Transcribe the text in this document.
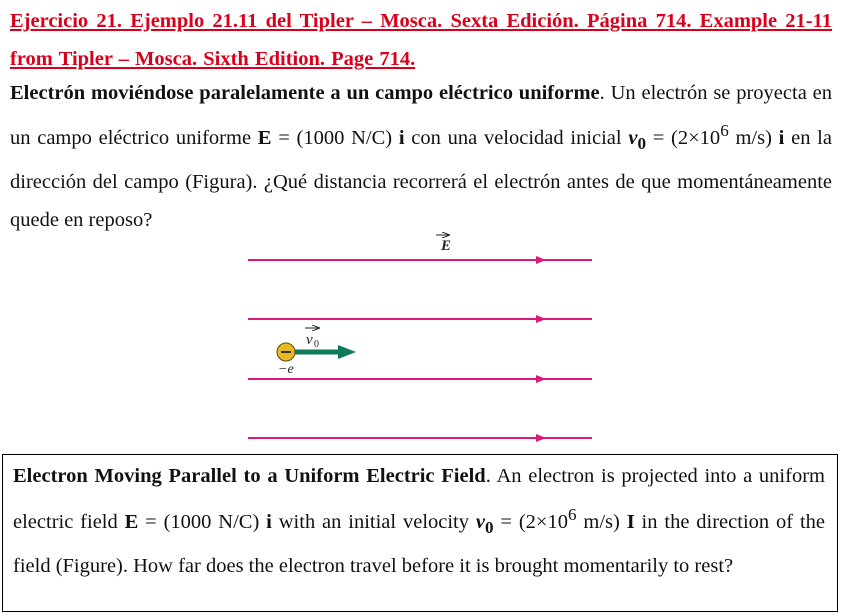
Ejercicio 21. Ejemplo 21.11 del Tipler – Mosca. Sexta Edición. Página 714. Example 21-11 from Tipler – Mosca. Sixth Edition. Page 714.
Electrón moviéndose paralelamente a un campo eléctrico uniforme. Un electrón se proyecta en un campo eléctrico uniforme E = (1000 N/C) i con una velocidad inicial $v_0 = (2\times 10^6$ m/s) i en la dirección del campo (Figura). ¿Qué distancia recorrerá el electrón antes de que momentáneamente quede en reposo?
E
v 0
−e
Electron Moving Parallel to a Uniform Electric Field. An electron is projected into a uniform electric field E = (1000 N/C) i with an initial velocity $v_0 = (2\times 10^6$ m/s) I in the direction of the field (Figure). How far does the electron travel before it is brought momentarily to rest?
